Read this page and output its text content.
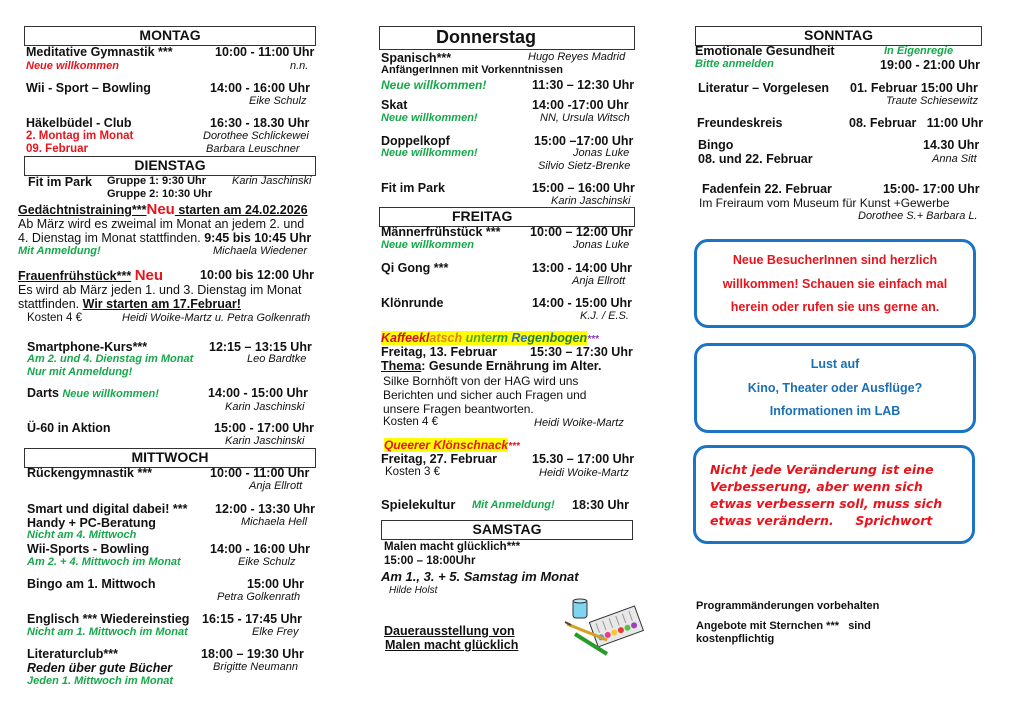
MONTAG
Meditative Gymnastik ***	10:00 - 11:00 Uhr
Neue willkommen	n.n.
Wii - Sport – Bowling	14:00 - 16:00 Uhr
Eike Schulz
Häkelbüdel - Club	16:30 - 18.30 Uhr
2. Montag im Monat	Dorothee Schlickewei
09. Februar	Barbara Leuschner
DIENSTAG
Fit im Park Gruppe 1: 9:30 Uhr Karin Jaschinski
Gruppe 2: 10:30 Uhr
Gedächtnistraining***Neu starten am 24.02.2026
Ab März wird es zweimal im Monat an jedem 2. und
4. Dienstag im Monat stattfinden. 9:45 bis 10:45 Uhr
Mit Anmeldung!	Michaela Wiedener
Frauenfrühstück*** Neu	10:00 bis 12:00 Uhr
Es wird ab März jeden 1. und 3. Dienstag im Monat
stattfinden. Wir starten am 17.Februar!
Kosten 4 €	Heidi Woike-Martz u. Petra Golkenrath
Smartphone-Kurs***	12:15 – 13:15 Uhr
Am 2. und 4. Dienstag im Monat	Leo Bardtke
Nur mit Anmeldung!
Darts Neue willkommen!	14:00 - 15:00 Uhr
Karin Jaschinski
Ü-60 in Aktion	15:00 - 17:00 Uhr
Karin Jaschinski
MITTWOCH
Rückengymnastik ***	10:00 - 11:00 Uhr
Anja Ellrott
Smart und digital dabei! *** 12:00 - 13:30 Uhr
Handy + PC-Beratung	Michaela Hell
Nicht am 4. Mittwoch
Wii-Sports - Bowling	14:00 - 16:00 Uhr
Am 2. + 4. Mittwoch im Monat	Eike Schulz
Bingo am 1. Mittwoch	15:00 Uhr
Petra Golkenrath
Englisch *** Wiedereinstieg 16:15 - 17:45 Uhr
Nicht am 1. Mittwoch im Monat	Elke Frey
Literaturclub***	18:00 – 19:30 Uhr
Reden über gute Bücher	Brigitte Neumann
Jeden 1. Mittwoch im Monat
Donnerstag
Spanisch***	Hugo Reyes Madrid
AnfängerInnen mit Vorkenntnissen
Neue willkommen!	11:30 – 12:30 Uhr
Skat	14:00 -17:00 Uhr
Neue willkommen!	NN, Ursula Witsch
Doppelkopf	15:00 –17:00 Uhr
Neue willkommen!	Jonas Luke
Silvio Sietz-Brenke
Fit im Park	15:00 – 16:00 Uhr
Karin Jaschinski
FREITAG
Männerfrühstück *** 10:00 – 12:00 Uhr
Neue willkommen	Jonas Luke
Qi Gong ***	13:00 - 14:00 Uhr
Anja Ellrott
Klönrunde	14:00 - 15:00 Uhr
K.J. / E.S.
Kaffeeklatsch unterm Regenbogen***
Freitag, 13. Februar	15:30 – 17:30 Uhr
Thema: Gesunde Ernährung im Alter.
Silke Bornhöft von der HAG wird uns
Berichten und sicher auch Fragen und
unsere Fragen beantworten.
Kosten 4 €	Heidi Woike-Martz
Queerer Klönschnack***
Freitag, 27. Februar	15.30 – 17:00 Uhr
Kosten 3 €	Heidi Woike-Martz
Spielekultur Mit Anmeldung! 18:30 Uhr
SAMSTAG
Malen macht glücklich***
15:00 – 18:00Uhr
Am 1., 3. + 5. Samstag im Monat
Hilde Holst
Dauerausstellung von
Malen macht glücklich
SONNTAG
Emotionale Gesundheit	In Eigenregie
Bitte anmelden	19:00 - 21:00 Uhr
Literatur – Vorgelesen 01. Februar 15:00 Uhr
Traute Schiesewitz
Freundeskreis	08. Februar   11:00 Uhr
Bingo	14.30 Uhr
08. und 22. Februar	Anna Sitt
Fadenfein 22. Februar	15:00- 17:00 Uhr
Im Freiraum vom Museum für Kunst +Gewerbe
Dorothee S.+ Barbara L.
Neue BesucherInnen sind herzlich
willkommen! Schauen sie einfach mal
herein oder rufen sie uns gerne an.
Lust auf
Kino, Theater oder Ausflüge?
Informationen im LAB
Nicht jede Veränderung ist eine
Verbesserung, aber wenn sich
etwas verbessern soll, muss sich
etwas verändern.     Sprichwort
Programmänderungen vorbehalten
Angebote mit Sternchen ***   sind
kostenpflichtig
